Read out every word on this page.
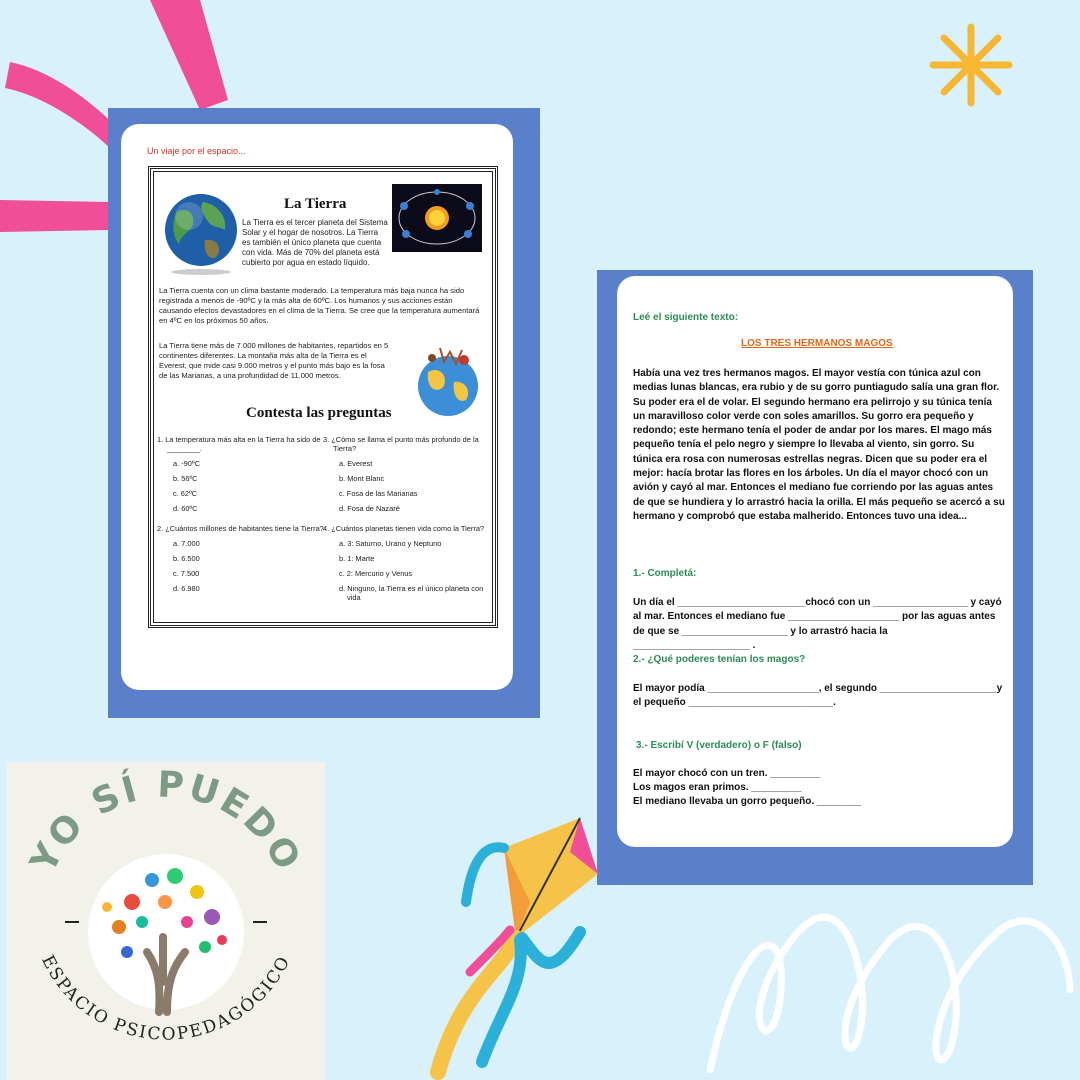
Un viaje por el espacio...
La Tierra
La Tierra es el tercer planeta del Sistema Solar y el hogar de nosotros. La Tierra es también el único planeta que cuenta con vida. Más de 70% del planeta está cubierto por agua en estado líquido.
La Tierra cuenta con un clima bastante moderado. La temperatura más baja nunca ha sido registrada a menos de -90ºC y la más alta de 60ºC. Los humanos y sus acciones están causando efectos devastadores en el clima de la Tierra. Se cree que la temperatura aumentará en 4ºC en los próximos 50 años.
La Tierra tiene más de 7.000 millones de habitantes, repartidos en 5 continentes diferentes. La montaña más alta de la Tierra es el Everest, que mide casi 9.000 metros y el punto más bajo es la fosa de las Marianas, a una profundidad de 11.000 metros.
Contesta las preguntas
1. La temperatura más alta en la Tierra ha sido de ________.
a. -90ºC
b. 56ºC
c. 62ºC
d. 60ºC
2. ¿Cuántos millones de habitantes tiene la Tierra?
a. 7.000
b. 6.500
c. 7.500
d. 6.980
3. ¿Cómo se llama el punto más profundo de la Tierra?
a. Everest
b. Mont Blanc
c. Fosa de las Marianas
d. Fosa de Nazaré
4. ¿Cuántos planetas tienen vida como la Tierra?
a. 3: Saturno, Urano y Neptuno
b. 1: Marte
c. 2: Mercurio y Venus
d. Ninguno, la Tierra es el único planeta con vida
Leé el siguiente texto:
LOS TRES HERMANOS MAGOS
Había una vez tres hermanos magos. El mayor vestía con túnica azul con medias lunas blancas, era rubio y de su gorro puntiagudo salía una gran flor. Su poder era el de volar. El segundo hermano era pelirrojo y su túnica tenía un maravilloso color verde con soles amarillos. Su gorro era pequeño y redondo; este hermano tenía el poder de andar por los mares. El mago más pequeño tenía el pelo negro y siempre lo llevaba al viento, sin gorro. Su túnica era rosa con numerosas estrellas negras. Dicen que su poder era el mejor: hacía brotar las flores en los árboles. Un día el mayor chocó con un avión y cayó al mar. Entonces el mediano fue corriendo por las aguas antes de que se hundiera y lo arrastró hacia la orilla. El más pequeño se acercó a su hermano y comprobó que estaba malherido. Entonces tuvo una idea...
1.- Completá:
Un día el _______________________chocó con un _________________ y cayó al mar. Entonces el mediano fue ____________________ por las aguas antes de que se ___________________ y lo arrastró hacia la _____________________ .
2.- ¿Qué poderes tenían los magos?
El mayor podía ____________________, el segundo _____________________y el pequeño __________________________.
3.- Escribí V (verdadero) o F (falso)
El mayor chocó con un tren. _________
Los magos eran primos. _________
El mediano llevaba un gorro pequeño. ________
YO SÍ PUEDO
ESPACIO PSICOPEDAGÓGICO
